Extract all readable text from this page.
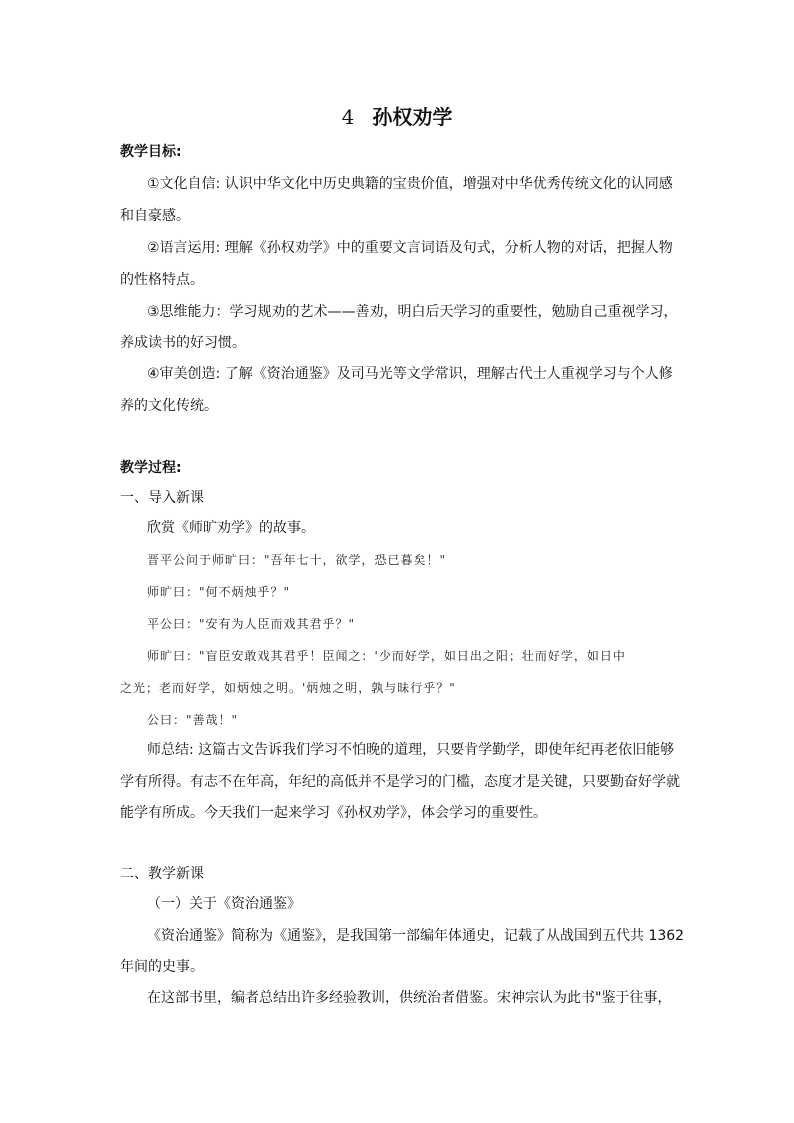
4 孙权劝学
教学目标:
①文化自信: 认识中华文化中历史典籍的宝贵价值，增强对中华优秀传统文化的认同感
和自豪感。
②语言运用: 理解《孙权劝学》中的重要文言词语及句式，分析人物的对话，把握人物
的性格特点。
③思维能力：学习规劝的艺术——善劝，明白后天学习的重要性，勉励自己重视学习，
养成读书的好习惯。
④审美创造: 了解《资治通鉴》及司马光等文学常识，理解古代士人重视学习与个人修
养的文化传统。
教学过程:
一、导入新课
欣赏《师旷劝学》的故事。
晋平公问于师旷曰："吾年七十，欲学，恐已暮矣！"
师旷曰："何不炳烛乎？"
平公曰："安有为人臣而戏其君乎？"
师旷曰："盲臣安敢戏其君乎！臣闻之：'少而好学，如日出之阳；壮而好学，如日中
之光；老而好学，如炳烛之明。'炳烛之明，孰与昧行乎？"
公曰："善哉！"
师总结: 这篇古文告诉我们学习不怕晚的道理，只要肯学勤学，即使年纪再老依旧能够
学有所得。有志不在年高，年纪的高低并不是学习的门槛，态度才是关键，只要勤奋好学就
能学有所成。今天我们一起来学习《孙权劝学》，体会学习的重要性。
二、教学新课
（一）关于《资治通鉴》
《资治通鉴》简称为《通鉴》，是我国第一部编年体通史，记载了从战国到五代共 1362
年间的史事。
在这部书里，编者总结出许多经验教训，供统治者借鉴。宋神宗认为此书"鉴于往事，
